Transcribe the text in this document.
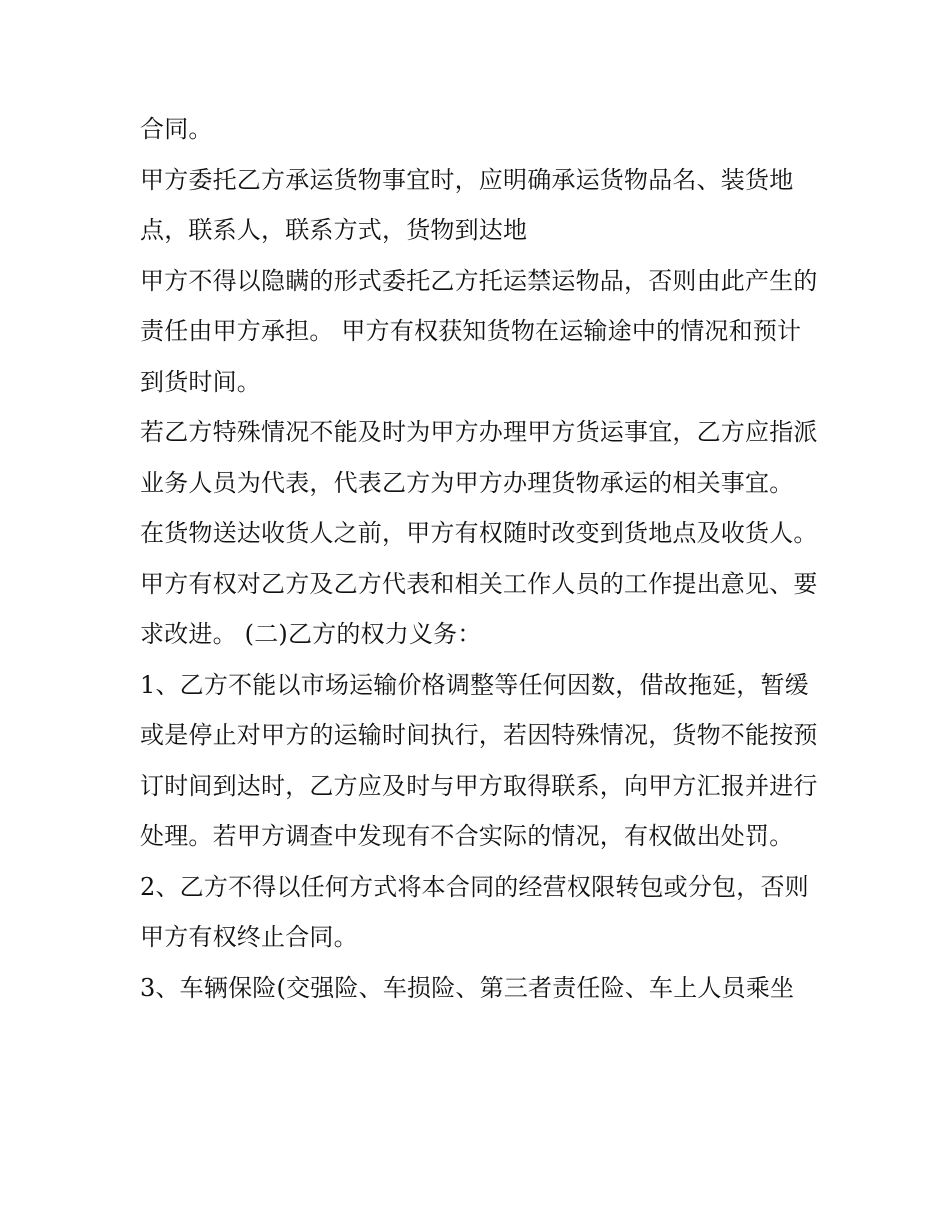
合同。

甲方委托乙方承运货物事宜时，应明确承运货物品名、装货地点，联系人，联系方式，货物到达地

甲方不得以隐瞒的形式委托乙方托运禁运物品，否则由此产生的责任由甲方承担。 甲方有权获知货物在运输途中的情况和预计到货时间。

若乙方特殊情况不能及时为甲方办理甲方货运事宜，乙方应指派业务人员为代表，代表乙方为甲方办理货物承运的相关事宜。

在货物送达收货人之前，甲方有权随时改变到货地点及收货人。甲方有权对乙方及乙方代表和相关工作人员的工作提出意见、要求改进。 (二)乙方的权力义务：

1、乙方不能以市场运输价格调整等任何因数，借故拖延，暂缓或是停止对甲方的运输时间执行，若因特殊情况，货物不能按预订时间到达时，乙方应及时与甲方取得联系，向甲方汇报并进行处理。若甲方调查中发现有不合实际的情况，有权做出处罚。

2、乙方不得以任何方式将本合同的经营权限转包或分包，否则甲方有权终止合同。

3、车辆保险(交强险、车损险、第三者责任险、车上人员乘坐
